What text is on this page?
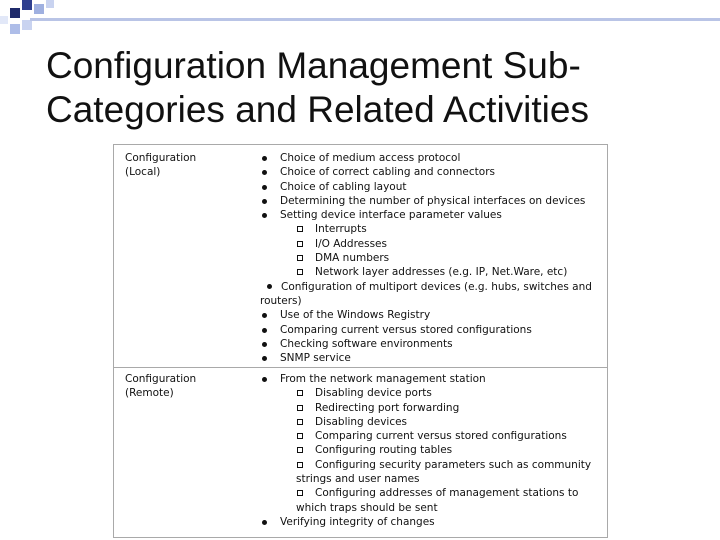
Configuration Management Sub-Categories and Related Activities
Configuration
(Local)
Choice of medium access protocol
Choice of correct cabling and connectors
Choice of cabling layout
Determining the number of physical interfaces on devices
Setting device interface parameter values
Interrupts
I/O Addresses
DMA numbers
Network layer addresses (e.g. IP, Net.Ware, etc)
Configuration of multiport devices (e.g. hubs, switches and
routers)
Use of the Windows Registry
Comparing current versus stored configurations
Checking software environments
SNMP service
Configuration
(Remote)
From the network management station
Disabling device ports
Redirecting port forwarding
Disabling devices
Comparing current versus stored configurations
Configuring routing tables
Configuring security parameters such as community
strings and user names
Configuring addresses of management stations to
which traps should be sent
Verifying integrity of changes
